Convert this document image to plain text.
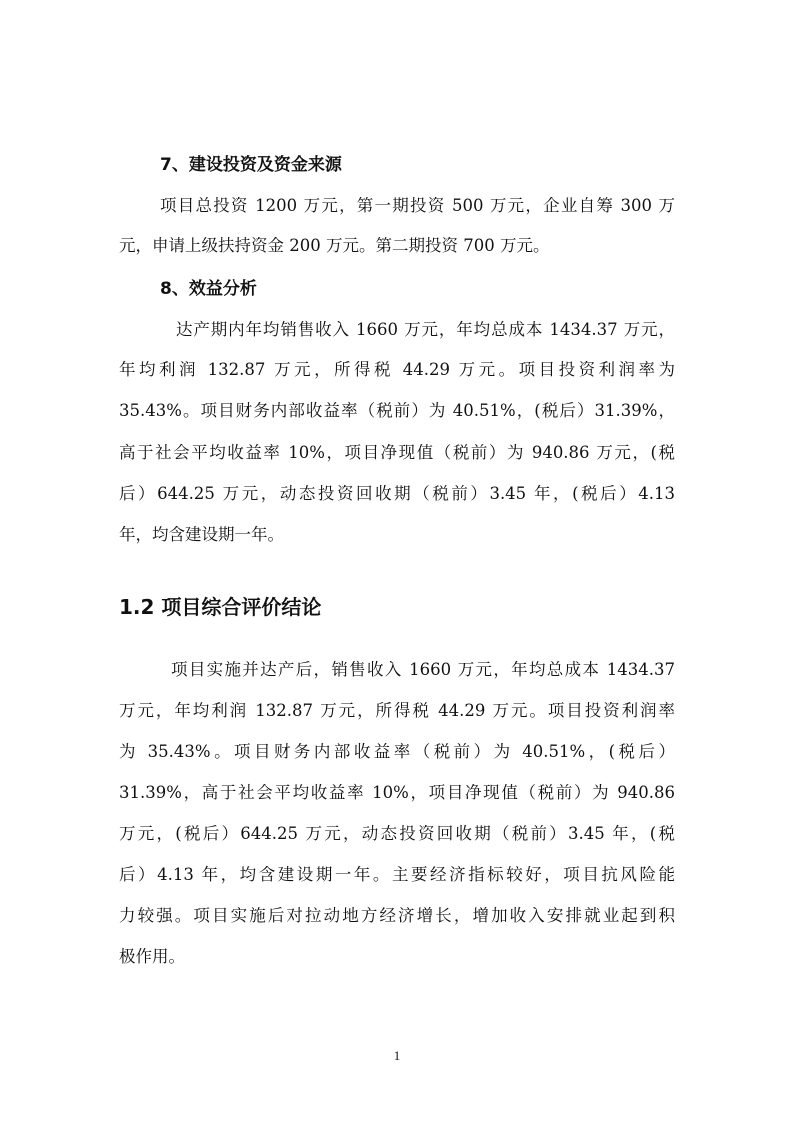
7、建设投资及资金来源
项目总投资 1200 万元，第一期投资 500 万元，企业自筹 300 万
元，申请上级扶持资金 200 万元。第二期投资 700 万元。
8、效益分析
达产期内年均销售收入 1660 万元，年均总成本 1434.37 万元，
年均利润 132.87 万元，所得税 44.29 万元。项目投资利润率为
35.43%。项目财务内部收益率（税前）为 40.51%，(税后）31.39%，
高于社会平均收益率 10%，项目净现值（税前）为 940.86 万元，(税
后）644.25 万元，动态投资回收期（税前）3.45 年，(税后）4.13
年，均含建设期一年。
1.2 项目综合评价结论
项目实施并达产后，销售收入 1660 万元，年均总成本 1434.37
万元，年均利润 132.87 万元，所得税 44.29 万元。项目投资利润率
为 35.43%。项目财务内部收益率（税前）为 40.51%，(税后）
31.39%，高于社会平均收益率 10%，项目净现值（税前）为 940.86
万元，(税后）644.25 万元，动态投资回收期（税前）3.45 年，(税
后）4.13 年，均含建设期一年。主要经济指标较好，项目抗风险能
力较强。项目实施后对拉动地方经济增长，增加收入安排就业起到积
极作用。
1
